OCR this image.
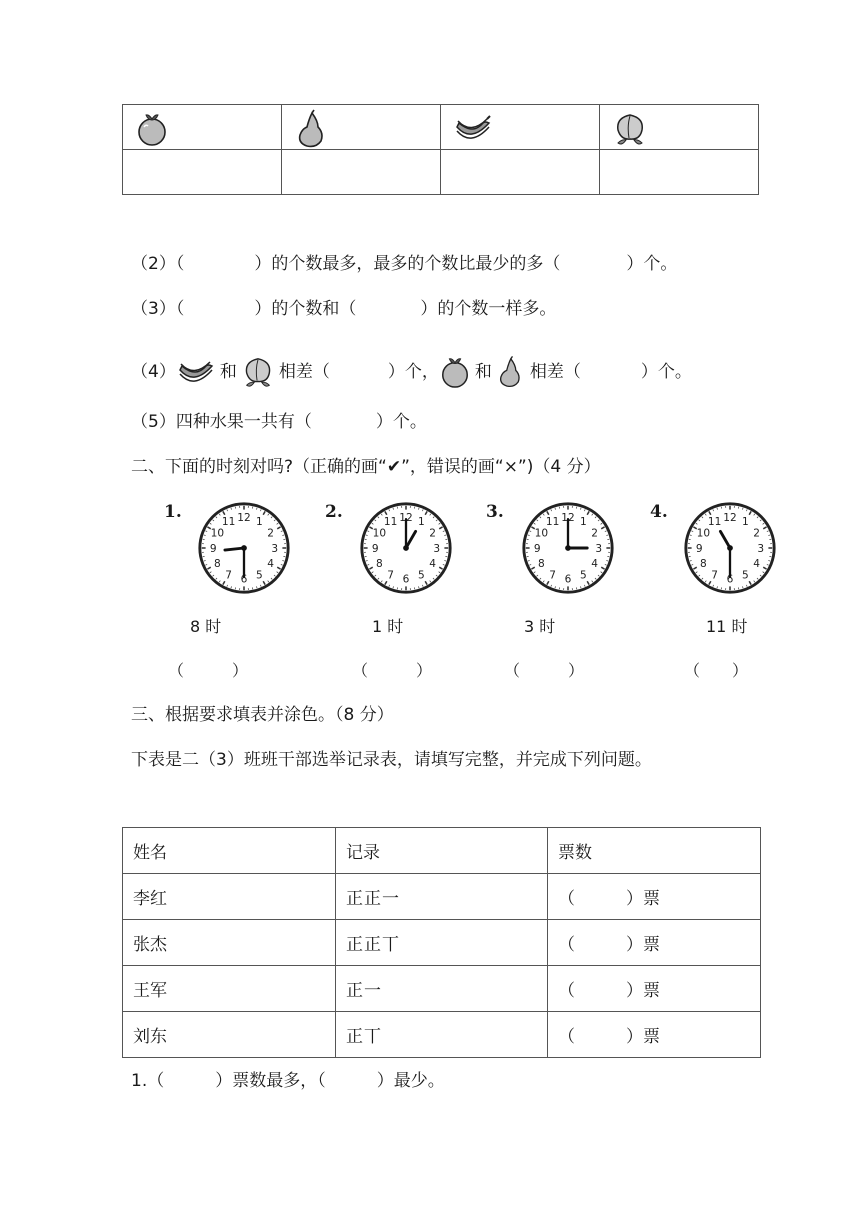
（2）（	）的个数最多，最多的个数比最少的多（	）个。
（3）（	）的个数和（	）的个数一样多。
（4）	和 相差（	）个， 和 相差（	）个。
（5）四种水果一共有（	）个。
二、下面的时刻对吗?（正确的画“✔”，错误的画“×”)（4 分）
1.
1
2
3
4
5
6
7
8
9
10
11 12
8 时
（　　　）
2.
1
2
3
4
5
6
7
8
9
10
11 12
1 时
（　　　）
3.
1
2
3
4
5
6
7
8
9
10
11 12
3 时
（　　　）
4.
1
2
3
4
5
6
7
8
9
10
11 12
11 时
（　　）
三、根据要求填表并涂色。（8 分）
下表是二（3）班班干部选举记录表，请填写完整，并完成下列问题。
姓名	记录	票数
李红	正正一	（　　　）票
张杰	正正丅	（　　　）票
王军	正一	（　　　）票
刘东	正丅	（　　　）票
1.（　　　）票数最多，（　　　）最少。
